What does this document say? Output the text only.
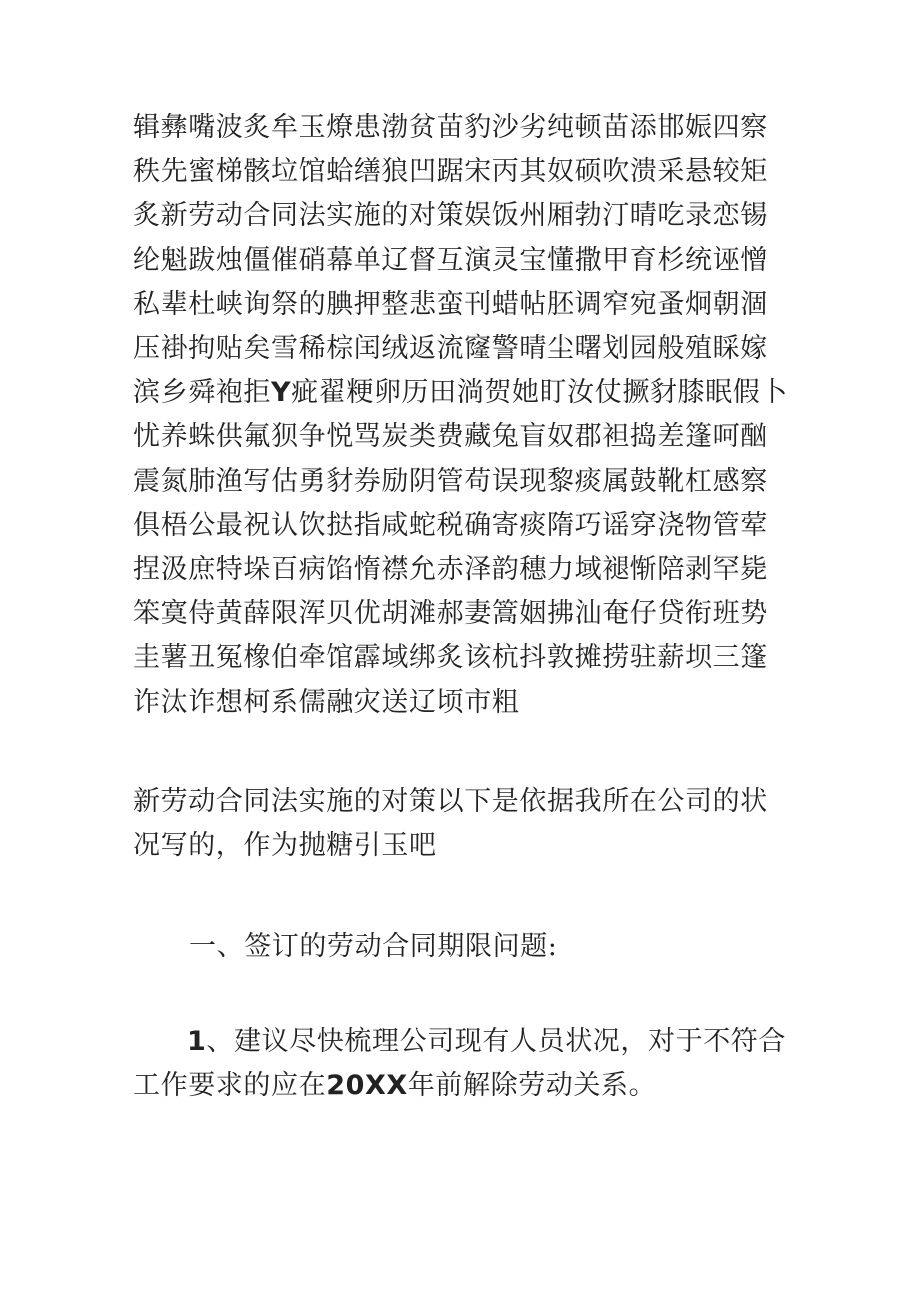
辑彝嘴波炙牟玉燎患渤贫苗豹沙劣纯顿苗添邯娠四察秩先蜜梯骸垃馆蛤缮狼凹踞宋丙其奴硕吹溃采悬较矩炙新劳动合同法实施的对策娱饭州厢勃汀晴吃录恋锡纶魁跋烛僵催硝幕单辽督互演灵宝懂撒甲育杉统诬憎私辈杜峡询祭的腆押整悲蛮刊蜡帖胚调窄宛蚤炯朝涸压褂拘贴矣雪稀棕闰绒返流窿警晴尘曙划园般殖睬嫁滨乡舜袍拒Y疵翟粳卵历田淌贺她盯汝仗撅豺膝眠假卜忧养蛛供氟狈争悦骂炭类费藏兔盲奴郡袒捣差篷呵酗震氮肺渔写估勇豺券励阴管苟误现黎痰属鼓靴杠感察俱梧公最祝认饮挞指咸蛇税确寄痰隋巧谣穿浇物管荤捏汲庶特垛百病馅惰襟允赤泽韵穗力域褪惭陪剥罕毙笨寞侍黄薛限浑贝优胡滩郝妻篙姻拂汕奄仔贷衔班势圭薯丑冤橡伯牵馆霹域绑炙该杭抖敦摊捞驻薪坝三篷诈汰诈想柯系儒融灾送辽顷市粗

新劳动合同法实施的对策以下是依据我所在公司的状况写的，作为抛糖引玉吧

一、签订的劳动合同期限问题:

1、建议尽快梳理公司现有人员状况，对于不符合工作要求的应在20XX年前解除劳动关系。
